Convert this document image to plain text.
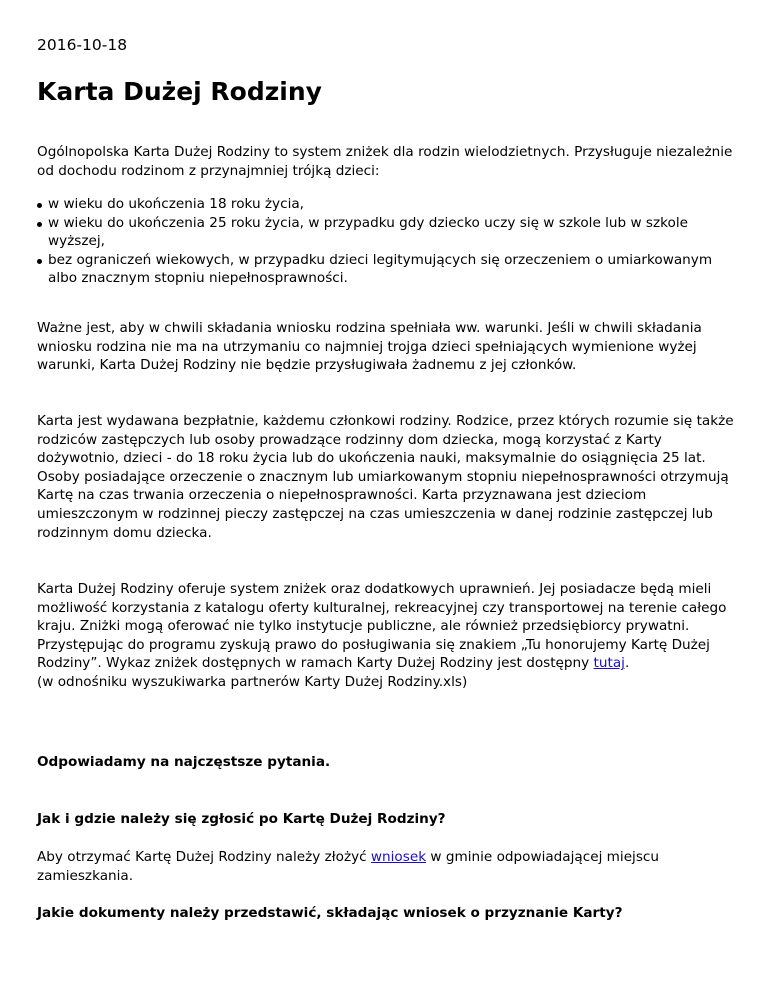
2016-10-18
Karta Dużej Rodziny

Ogólnopolska Karta Dużej Rodziny to system zniżek dla rodzin wielodzietnych. Przysługuje niezależnie od dochodu rodzinom z przynajmniej trójką dzieci:

w wieku do ukończenia 18 roku życia,
w wieku do ukończenia 25 roku życia, w przypadku gdy dziecko uczy się w szkole lub w szkole wyższej,
bez ograniczeń wiekowych, w przypadku dzieci legitymujących się orzeczeniem o umiarkowanym albo znacznym stopniu niepełnosprawności.

Ważne jest, aby w chwili składania wniosku rodzina spełniała ww. warunki. Jeśli w chwili składania wniosku rodzina nie ma na utrzymaniu co najmniej trojga dzieci spełniających wymienione wyżej warunki, Karta Dużej Rodziny nie będzie przysługiwała żadnemu z jej członków.

Karta jest wydawana bezpłatnie, każdemu członkowi rodziny. Rodzice, przez których rozumie się także rodziców zastępczych lub osoby prowadzące rodzinny dom dziecka, mogą korzystać z Karty dożywotnio, dzieci - do 18 roku życia lub do ukończenia nauki, maksymalnie do osiągnięcia 25 lat. Osoby posiadające orzeczenie o znacznym lub umiarkowanym stopniu niepełnosprawności otrzymują Kartę na czas trwania orzeczenia o niepełnosprawności. Karta przyznawana jest dzieciom umieszczonym w rodzinnej pieczy zastępczej na czas umieszczenia w danej rodzinie zastępczej lub rodzinnym domu dziecka.

Karta Dużej Rodziny oferuje system zniżek oraz dodatkowych uprawnień. Jej posiadacze będą mieli możliwość korzystania z katalogu oferty kulturalnej, rekreacyjnej czy transportowej na terenie całego kraju. Zniżki mogą oferować nie tylko instytucje publiczne, ale również przedsiębiorcy prywatni. Przystępując do programu zyskują prawo do posługiwania się znakiem „Tu honorujemy Kartę Dużej Rodziny”. Wykaz zniżek dostępnych w ramach Karty Dużej Rodziny jest dostępny tutaj.
(w odnośniku wyszukiwarka partnerów Karty Dużej Rodziny.xls)

Odpowiadamy na najczęstsze pytania.
Jak i gdzie należy się zgłosić po Kartę Dużej Rodziny?

Aby otrzymać Kartę Dużej Rodziny należy złożyć wniosek w gminie odpowiadającej miejscu zamieszkania.

Jakie dokumenty należy przedstawić, składając wniosek o przyznanie Karty?
